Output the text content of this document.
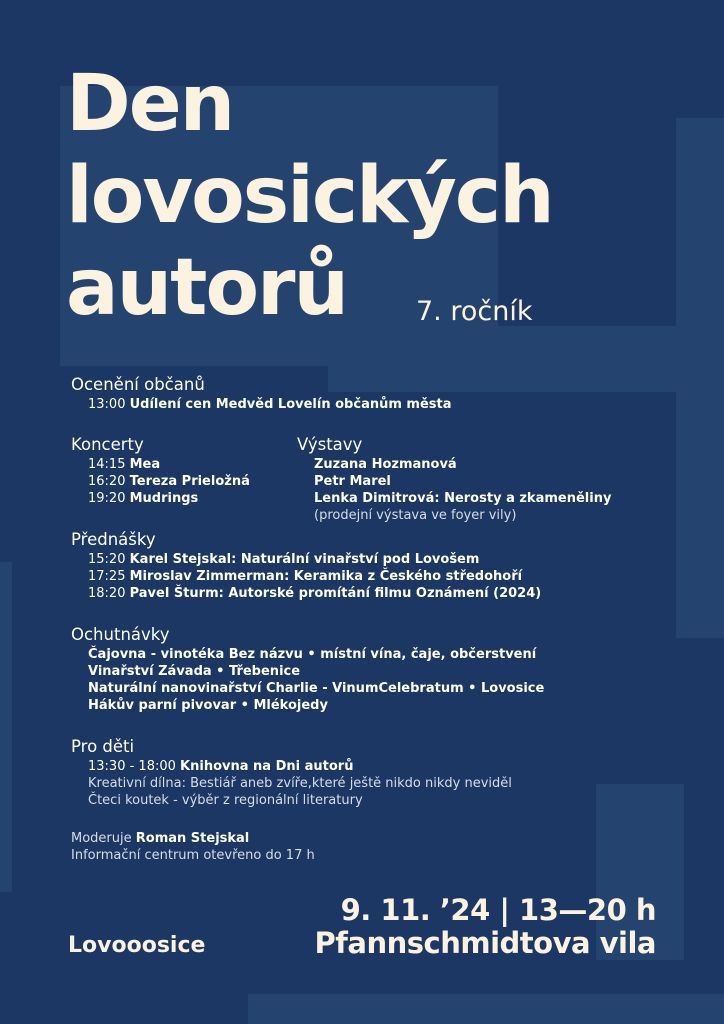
Den
lovosických
autorů	7. ročník
Ocenění občanů
13:00 Udílení cen Medvěd Lovelín občanům města
Koncerty
14:15 Mea
16:20 Tereza Prieložná
19:20 Mudrings
Výstavy
Zuzana Hozmanová
Petr Marel
Lenka Dimitrová: Nerosty a zkameněliny
(prodejní výstava ve foyer vily)
Přednášky
15:20 Karel Stejskal: Naturální vinařství pod Lovošem
17:25 Miroslav Zimmerman: Keramika z Českého středohoří
18:20 Pavel Šturm: Autorské promítání filmu Oznámení (2024)
Ochutnávky
Čajovna - vinotéka Bez názvu • místní vína, čaje, občerstvení
Vinařství Závada • Třebenice
Naturální nanovinařství Charlie - VinumCelebratum • Lovosice
Hákův parní pivovar • Mlékojedy
Pro děti
13:30 - 18:00 Knihovna na Dni autorů
Kreativní dílna: Bestiář aneb zvíře,které ještě nikdo nikdy neviděl
Čteci koutek - výběr z regionální literatury
Moderuje Roman Stejskal
Informační centrum otevřeno do 17 h
9. 11. ’24 | 13—20 h
Pfannschmidtova vila
Lovooosice
